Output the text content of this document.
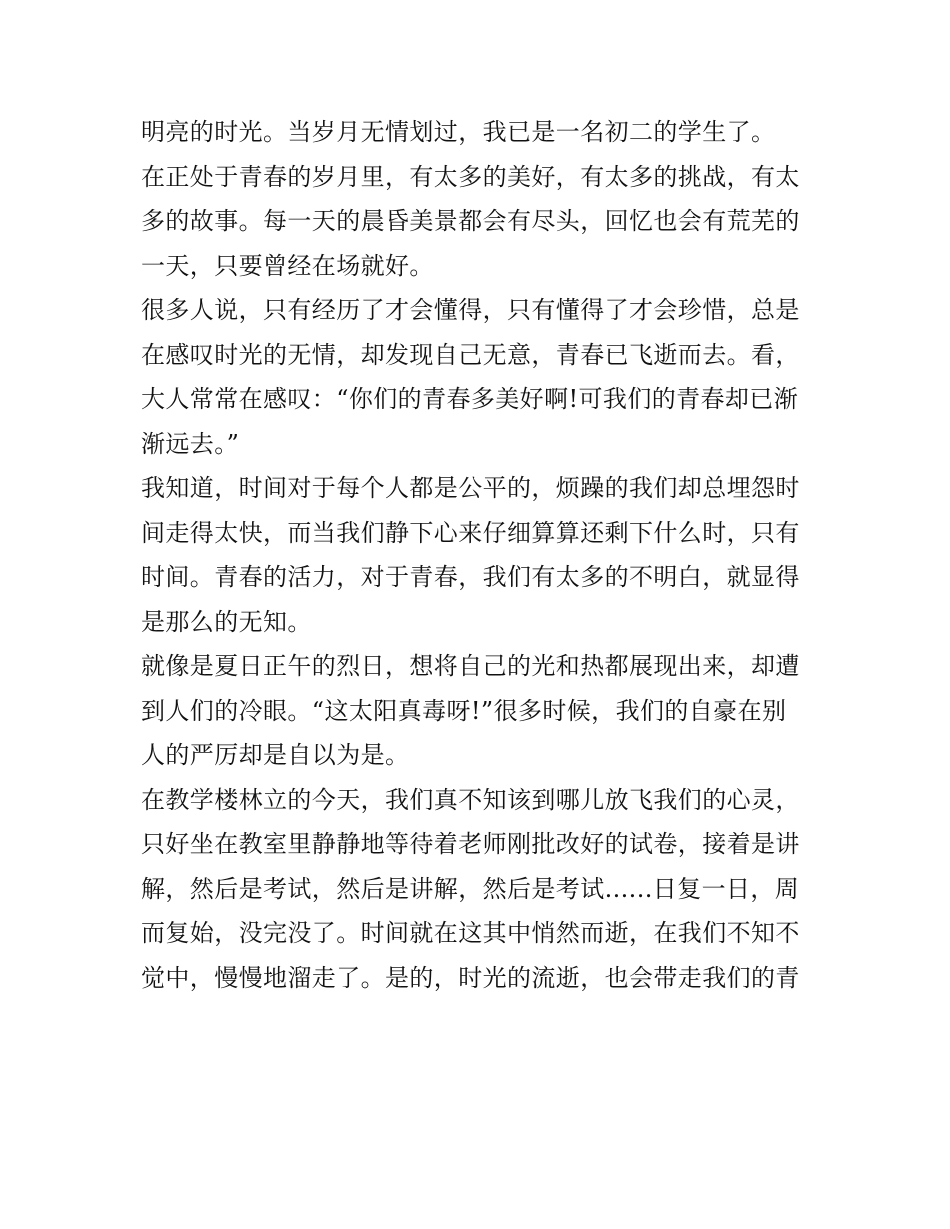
明亮的时光。当岁月无情划过，我已是一名初二的学生了。
在正处于青春的岁月里，有太多的美好，有太多的挑战，有太
多的故事。每一天的晨昏美景都会有尽头，回忆也会有荒芜的
一天，只要曾经在场就好。
很多人说，只有经历了才会懂得，只有懂得了才会珍惜，总是
在感叹时光的无情，却发现自己无意，青春已飞逝而去。看，
大人常常在感叹：“你们的青春多美好啊!可我们的青春却已渐
渐远去。”
我知道，时间对于每个人都是公平的，烦躁的我们却总埋怨时
间走得太快，而当我们静下心来仔细算算还剩下什么时，只有
时间。青春的活力，对于青春，我们有太多的不明白，就显得
是那么的无知。
就像是夏日正午的烈日，想将自己的光和热都展现出来，却遭
到人们的冷眼。“这太阳真毒呀!”很多时候，我们的自豪在别
人的严厉却是自以为是。
在教学楼林立的今天，我们真不知该到哪儿放飞我们的心灵，
只好坐在教室里静静地等待着老师刚批改好的试卷，接着是讲
解，然后是考试，然后是讲解，然后是考试......日复一日，周
而复始，没完没了。时间就在这其中悄然而逝，在我们不知不
觉中，慢慢地溜走了。是的，时光的流逝，也会带走我们的青
